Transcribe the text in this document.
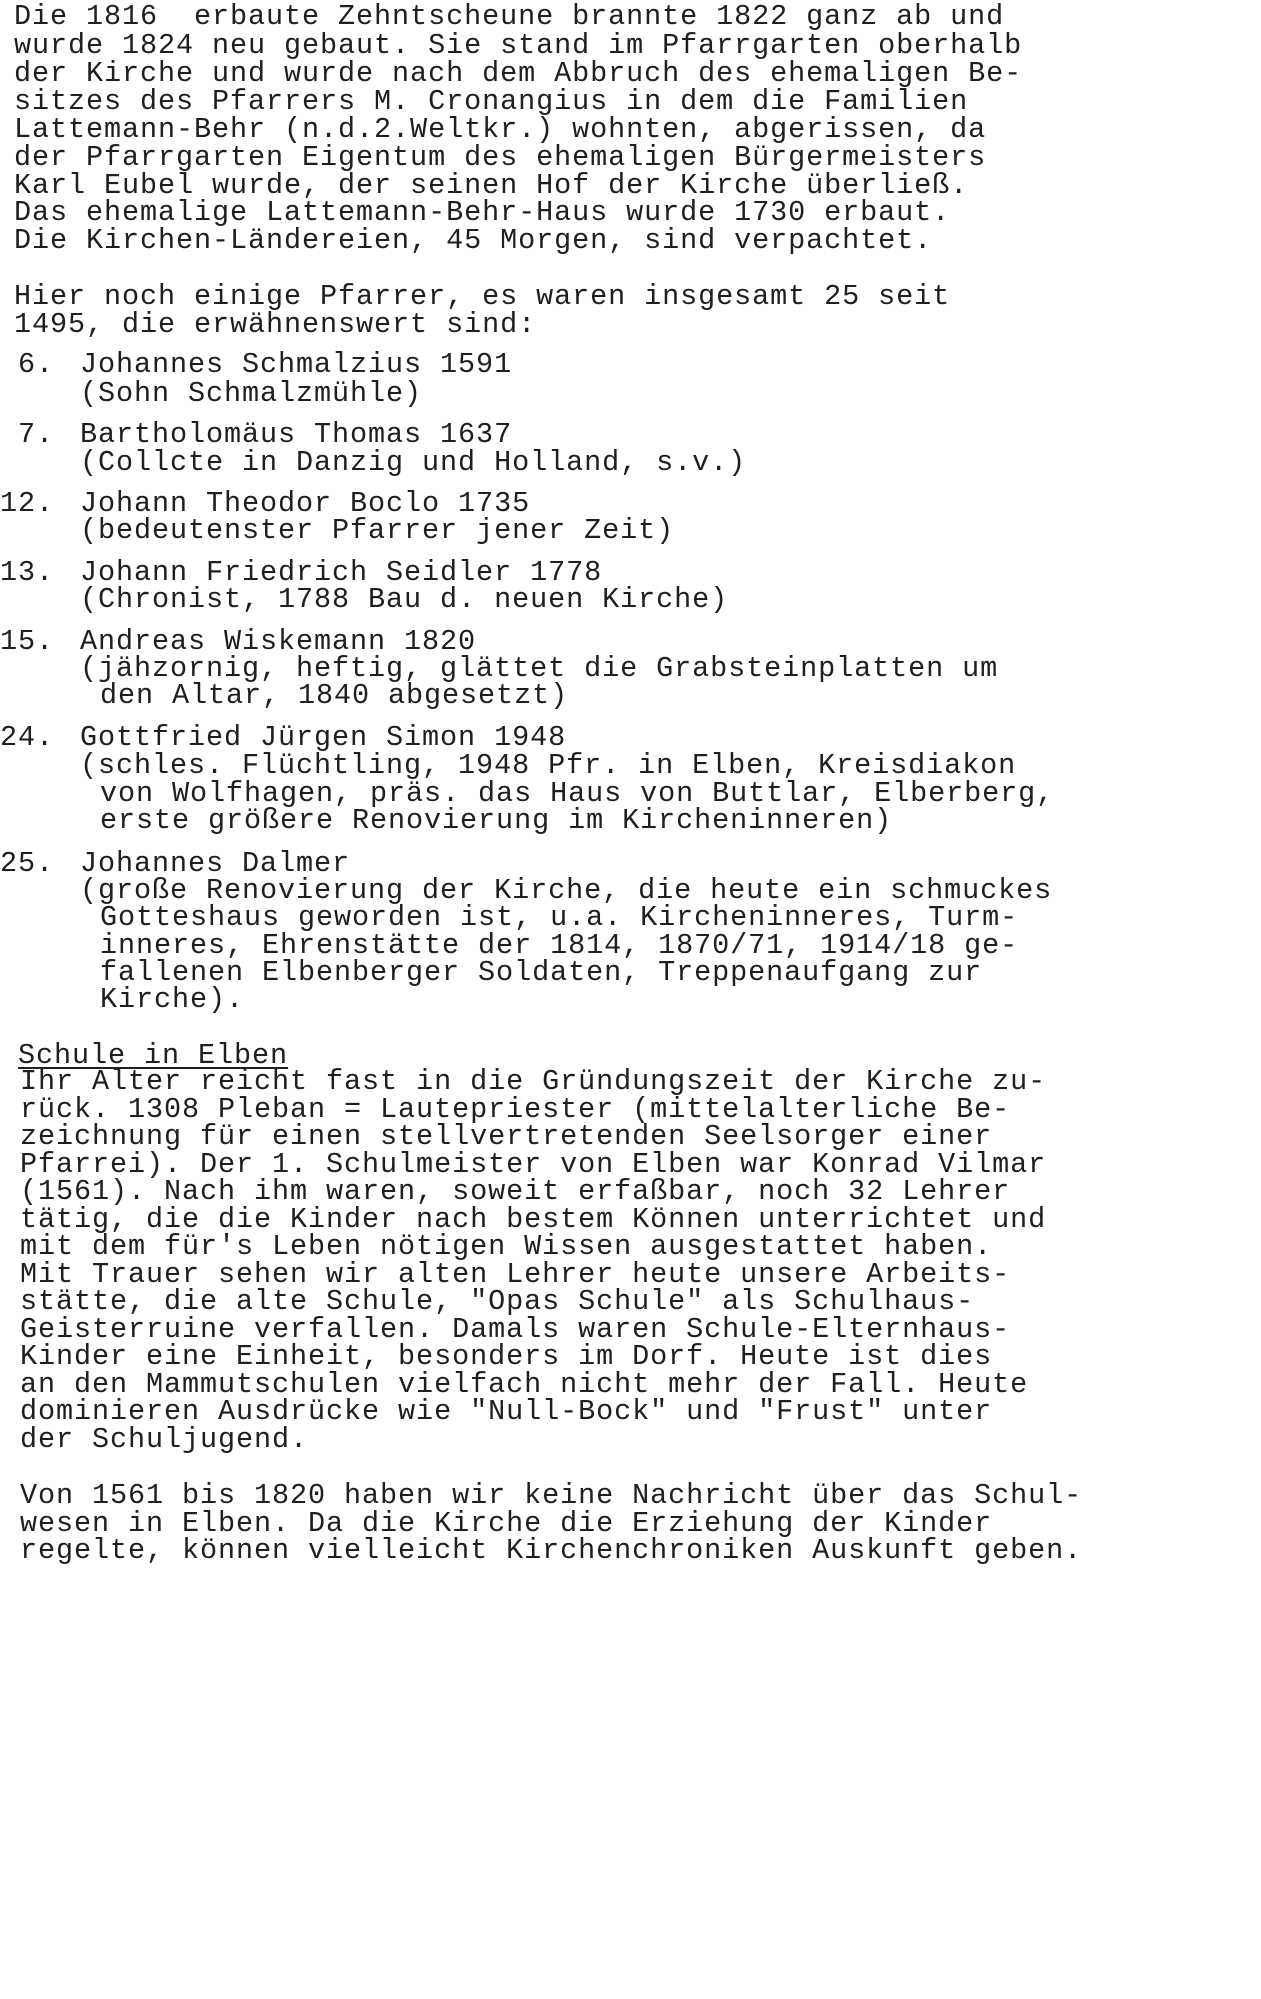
Die 1816  erbaute Zehntscheune brannte 1822 ganz ab und
wurde 1824 neu gebaut. Sie stand im Pfarrgarten oberhalb
der Kirche und wurde nach dem Abbruch des ehemaligen Be-
sitzes des Pfarrers M. Cronangius in dem die Familien
Lattemann-Behr (n.d.2.Weltkr.) wohnten, abgerissen, da
der Pfarrgarten Eigentum des ehemaligen Bürgermeisters
Karl Eubel wurde, der seinen Hof der Kirche überließ.
Das ehemalige Lattemann-Behr-Haus wurde 1730 erbaut.
Die Kirchen-Ländereien, 45 Morgen, sind verpachtet.
Hier noch einige Pfarrer, es waren insgesamt 25 seit
1495, die erwähnenswert sind:
6. Johannes Schmalzius 1591
(Sohn Schmalzmühle)
7. Bartholomäus Thomas 1637
(Collcte in Danzig und Holland, s.v.)
12. Johann Theodor Boclo 1735
(bedeutenster Pfarrer jener Zeit)
13. Johann Friedrich Seidler 1778
(Chronist, 1788 Bau d. neuen Kirche)
15. Andreas Wiskemann 1820
(jähzornig, heftig, glättet die Grabsteinplatten um
den Altar, 1840 abgesetzt)
24. Gottfried Jürgen Simon 1948
(schles. Flüchtling, 1948 Pfr. in Elben, Kreisdiakon
von Wolfhagen, präs. das Haus von Buttlar, Elberberg,
erste größere Renovierung im Kircheninneren)
25. Johannes Dalmer
(große Renovierung der Kirche, die heute ein schmuckes
Gotteshaus geworden ist, u.a. Kircheninneres, Turm-
inneres, Ehrenstätte der 1814, 1870/71, 1914/18 ge-
fallenen Elbenberger Soldaten, Treppenaufgang zur
Kirche).
Schule in Elben
Ihr Alter reicht fast in die Gründungszeit der Kirche zu-
rück. 1308 Pleban = Lautepriester (mittelalterliche Be-
zeichnung für einen stellvertretenden Seelsorger einer
Pfarrei). Der 1. Schulmeister von Elben war Konrad Vilmar
(1561). Nach ihm waren, soweit erfaßbar, noch 32 Lehrer
tätig, die die Kinder nach bestem Können unterrichtet und
mit dem für's Leben nötigen Wissen ausgestattet haben.
Mit Trauer sehen wir alten Lehrer heute unsere Arbeits-
stätte, die alte Schule, "Opas Schule" als Schulhaus-
Geisterruine verfallen. Damals waren Schule-Elternhaus-
Kinder eine Einheit, besonders im Dorf. Heute ist dies
an den Mammutschulen vielfach nicht mehr der Fall. Heute
dominieren Ausdrücke wie "Null-Bock" und "Frust" unter
der Schuljugend.
Von 1561 bis 1820 haben wir keine Nachricht über das Schul-
wesen in Elben. Da die Kirche die Erziehung der Kinder
regelte, können vielleicht Kirchenchroniken Auskunft geben.
